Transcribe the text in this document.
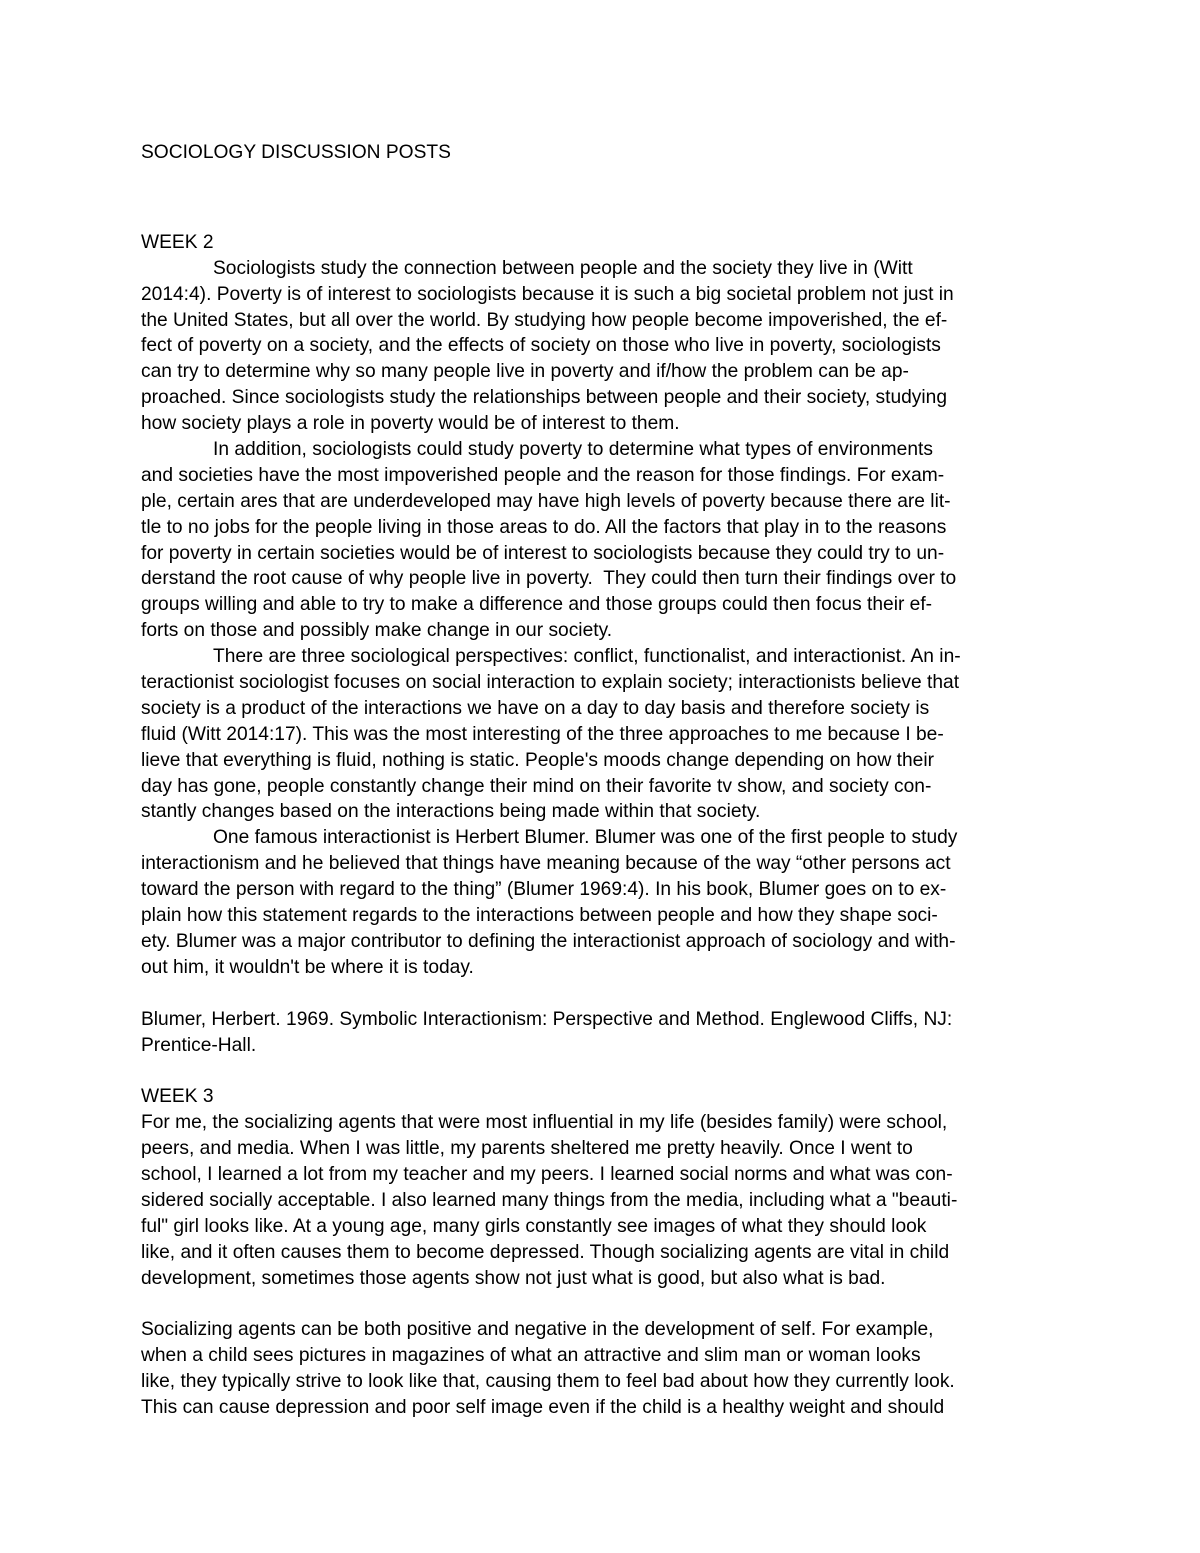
SOCIOLOGY DISCUSSION POSTS
WEEK 2
Sociologists study the connection between people and the society they live in (Witt
2014:4). Poverty is of interest to sociologists because it is such a big societal problem not just in
the United States, but all over the world. By studying how people become impoverished, the ef-
fect of poverty on a society, and the effects of society on those who live in poverty, sociologists
can try to determine why so many people live in poverty and if/how the problem can be ap-
proached. Since sociologists study the relationships between people and their society, studying
how society plays a role in poverty would be of interest to them.
In addition, sociologists could study poverty to determine what types of environments
and societies have the most impoverished people and the reason for those findings. For exam-
ple, certain ares that are underdeveloped may have high levels of poverty because there are lit-
tle to no jobs for the people living in those areas to do. All the factors that play in to the reasons
for poverty in certain societies would be of interest to sociologists because they could try to un-
derstand the root cause of why people live in poverty.  They could then turn their findings over to
groups willing and able to try to make a difference and those groups could then focus their ef-
forts on those and possibly make change in our society.
There are three sociological perspectives: conflict, functionalist, and interactionist. An in-
teractionist sociologist focuses on social interaction to explain society; interactionists believe that
society is a product of the interactions we have on a day to day basis and therefore society is
fluid (Witt 2014:17). This was the most interesting of the three approaches to me because I be-
lieve that everything is fluid, nothing is static. People's moods change depending on how their
day has gone, people constantly change their mind on their favorite tv show, and society con-
stantly changes based on the interactions being made within that society.
One famous interactionist is Herbert Blumer. Blumer was one of the first people to study
interactionism and he believed that things have meaning because of the way “other persons act
toward the person with regard to the thing” (Blumer 1969:4). In his book, Blumer goes on to ex-
plain how this statement regards to the interactions between people and how they shape soci-
ety. Blumer was a major contributor to defining the interactionist approach of sociology and with-
out him, it wouldn't be where it is today.
Blumer, Herbert. 1969. Symbolic Interactionism: Perspective and Method. Englewood Cliffs, NJ:
Prentice-Hall.
WEEK 3
For me, the socializing agents that were most influential in my life (besides family) were school,
peers, and media. When I was little, my parents sheltered me pretty heavily. Once I went to
school, I learned a lot from my teacher and my peers. I learned social norms and what was con-
sidered socially acceptable. I also learned many things from the media, including what a "beauti-
ful" girl looks like. At a young age, many girls constantly see images of what they should look
like, and it often causes them to become depressed. Though socializing agents are vital in child
development, sometimes those agents show not just what is good, but also what is bad.
Socializing agents can be both positive and negative in the development of self. For example,
when a child sees pictures in magazines of what an attractive and slim man or woman looks
like, they typically strive to look like that, causing them to feel bad about how they currently look.
This can cause depression and poor self image even if the child is a healthy weight and should
